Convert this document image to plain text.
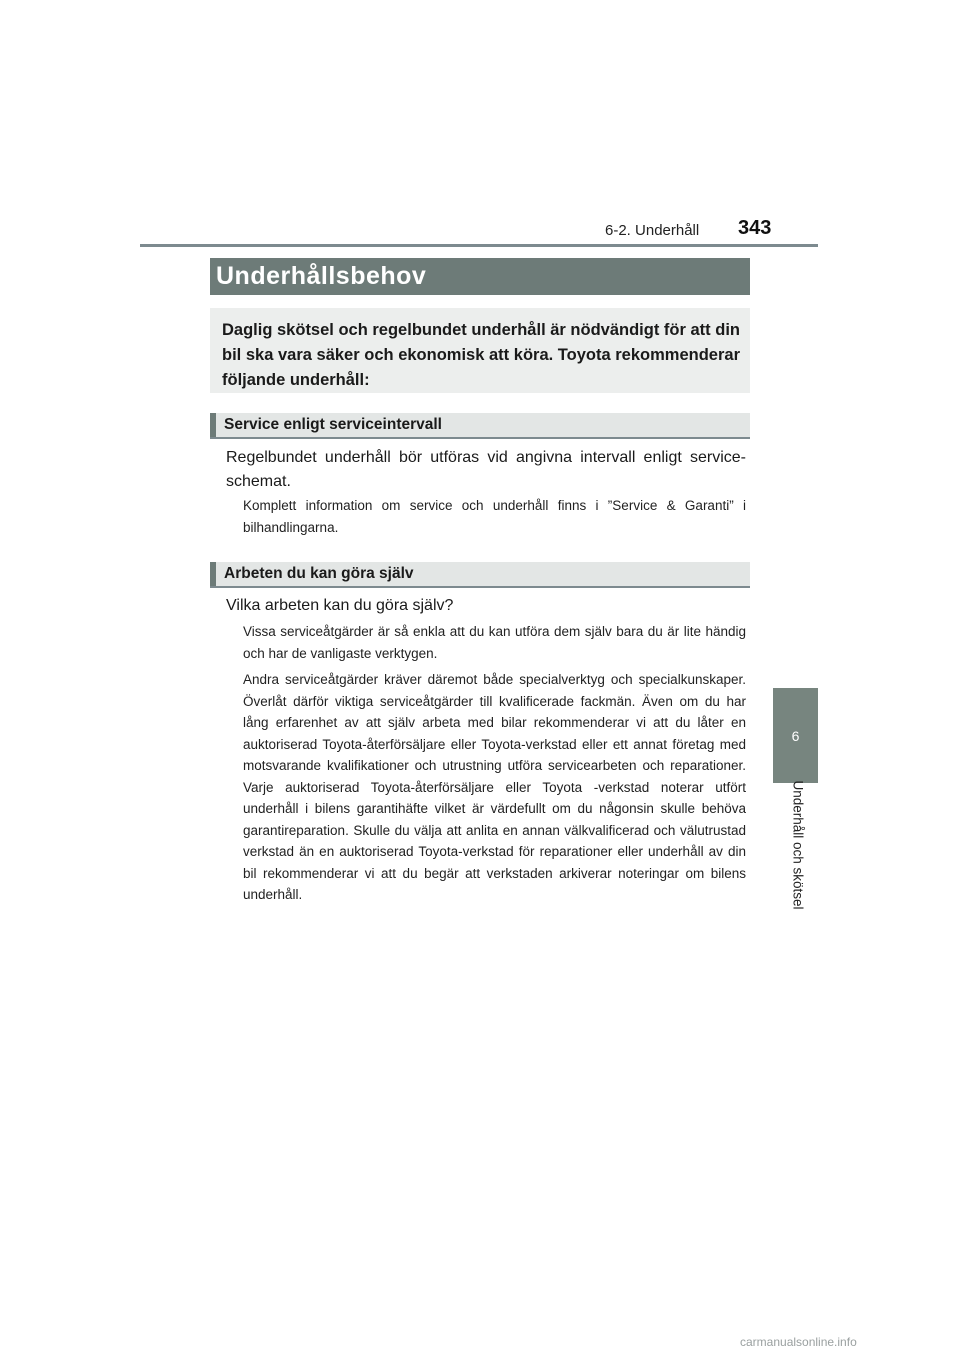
6-2. Underhåll 343
6
Underhåll och skötsel
Underhållsbehov
Daglig skötsel och regelbundet underhåll är nödvändigt för att din bil ska vara säker och ekonomisk att köra. Toyota rekommenderar följande underhåll:
Service enligt serviceintervall
Regelbundet underhåll bör utföras vid angivna intervall enligt serviceschemat.
Komplett information om service och underhåll finns i ”Service & Garanti” i bilhandlingarna.
Arbeten du kan göra själv
Vilka arbeten kan du göra själv?
Vissa serviceåtgärder är så enkla att du kan utföra dem själv bara du är lite händig och har de vanligaste verktygen.
Andra serviceåtgärder kräver däremot både specialverktyg och specialkunskaper. Överlåt därför viktiga serviceåtgärder till kvalificerade fackmän. Även om du har lång erfarenhet av att själv arbeta med bilar rekommenderar vi att du låter en auktoriserad Toyota-återförsäljare eller Toyota-verkstad eller ett annat företag med motsvarande kvalifikationer och utrustning utföra servicearbeten och reparationer. Varje auktoriserad Toyota-återförsäljare eller Toyota -verkstad noterar utfört underhåll i bilens garantihäfte vilket är värdefullt om du någonsin skulle behöva garantireparation. Skulle du välja att anlita en annan välkvalificerad och välutrustad verkstad än en auktoriserad Toyota-verkstad för reparationer eller underhåll av din bil rekommenderar vi att du begär att verkstaden arkiverar noteringar om bilens underhåll.
carmanualsonline.info
